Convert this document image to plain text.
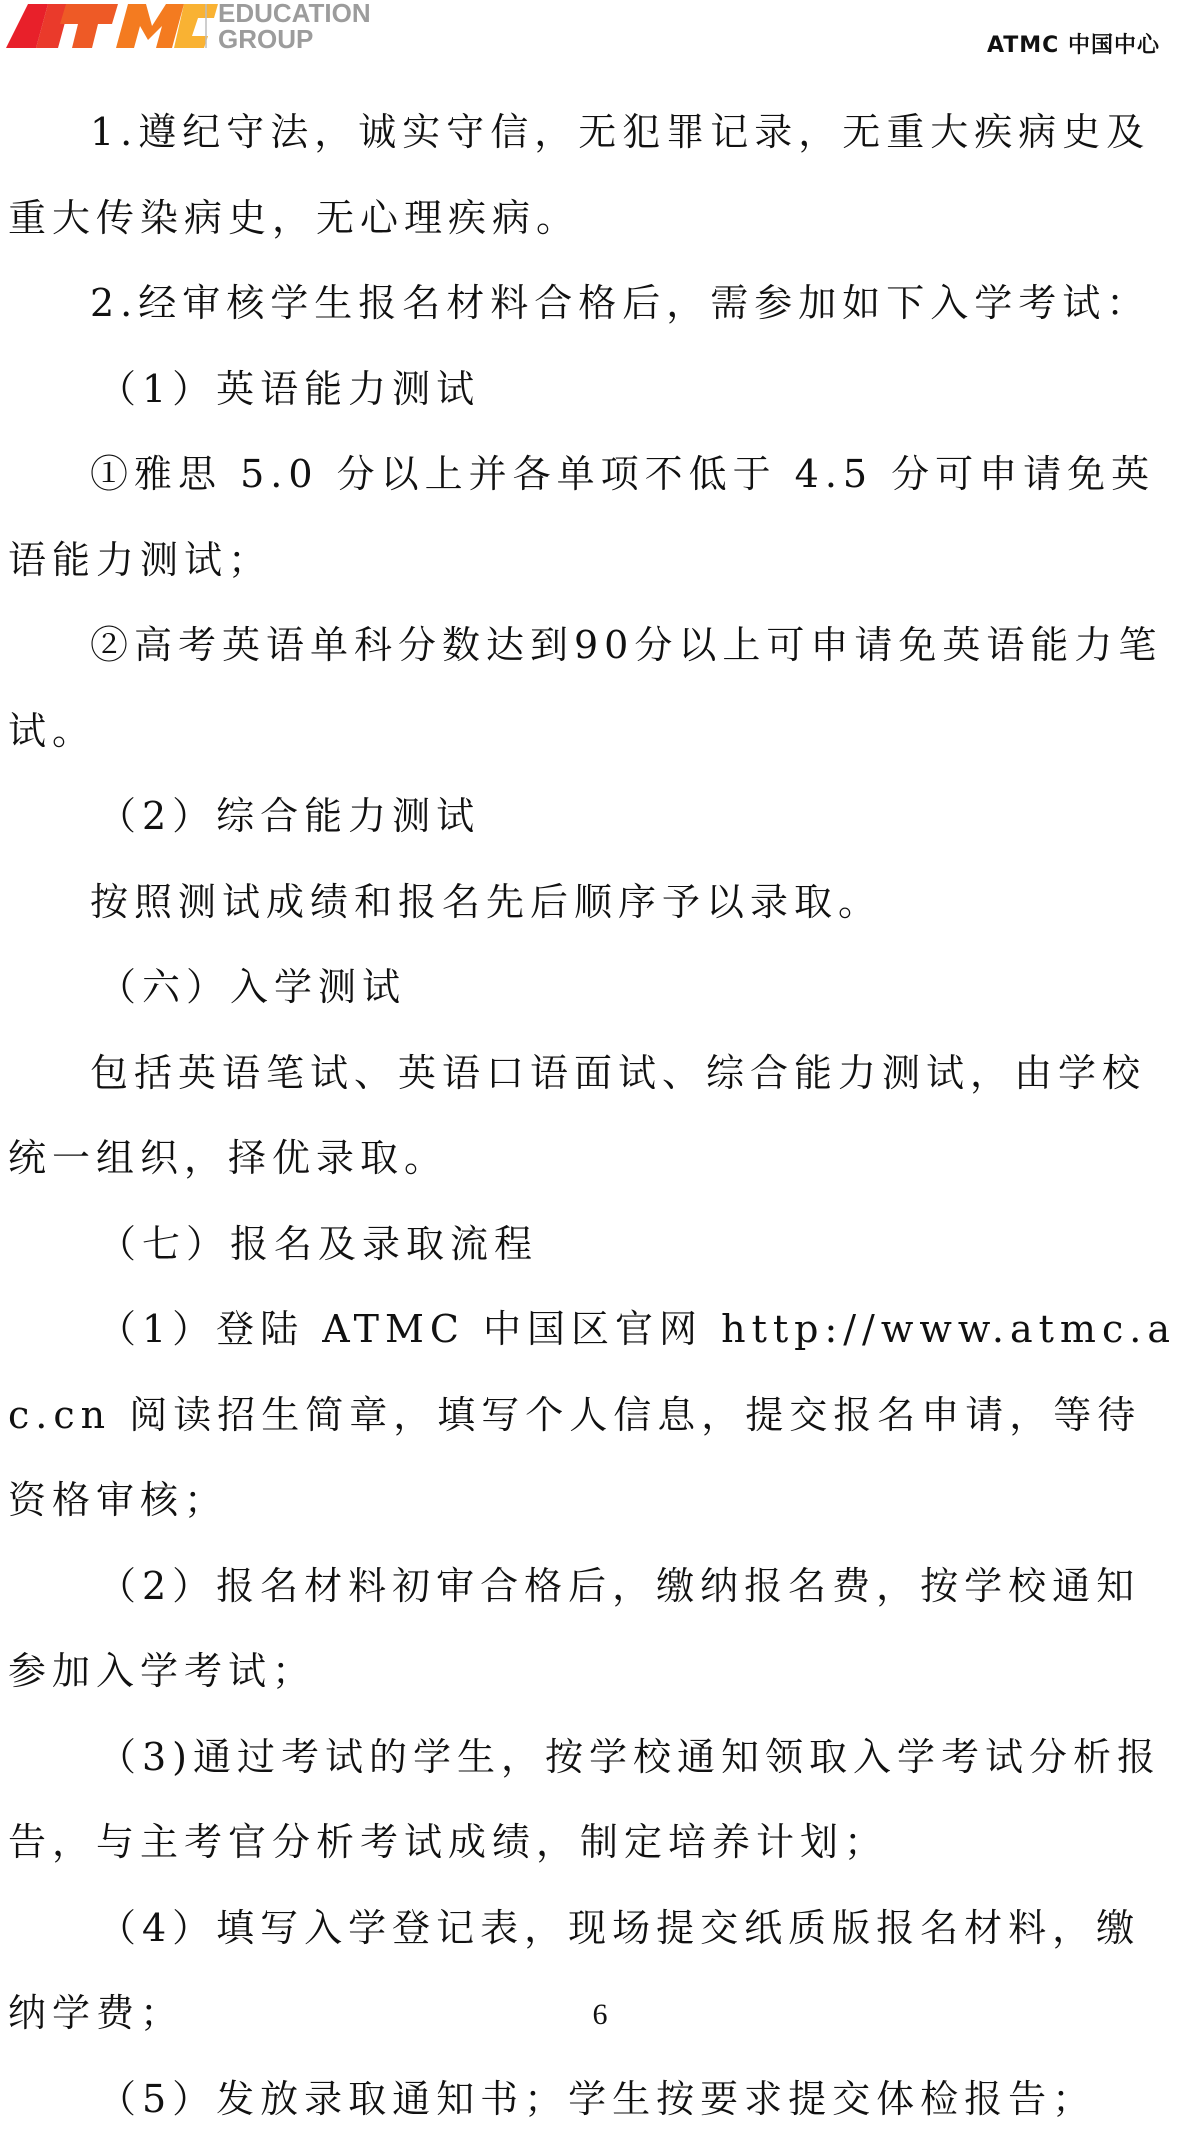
EDUCATION
GROUP
ATMC
ATMC 中国中心

1.遵纪守法，诚实守信，无犯罪记录，无重大疾病史及重大传染病史，无心理疾病。

2.经审核学生报名材料合格后，需参加如下入学考试：

（1）英语能力测试

①雅思 5.0 分以上并各单项不低于 4.5 分可申请免英语能力测试；

②高考英语单科分数达到90分以上可申请免英语能力笔试。

（2）综合能力测试

按照测试成绩和报名先后顺序予以录取。

（六）入学测试

包括英语笔试、英语口语面试、综合能力测试，由学校统一组织，择优录取。

（七）报名及录取流程

（1）登陆 ATMC 中国区官网 http://www.atmc.ac.cn 阅读招生简章，填写个人信息，提交报名申请，等待资格审核；

（2）报名材料初审合格后，缴纳报名费，按学校通知参加入学考试；

（3)通过考试的学生，按学校通知领取入学考试分析报告，与主考官分析考试成绩，制定培养计划；

（4）填写入学登记表，现场提交纸质版报名材料，缴纳学费；

（5）发放录取通知书；学生按要求提交体检报告；

6
